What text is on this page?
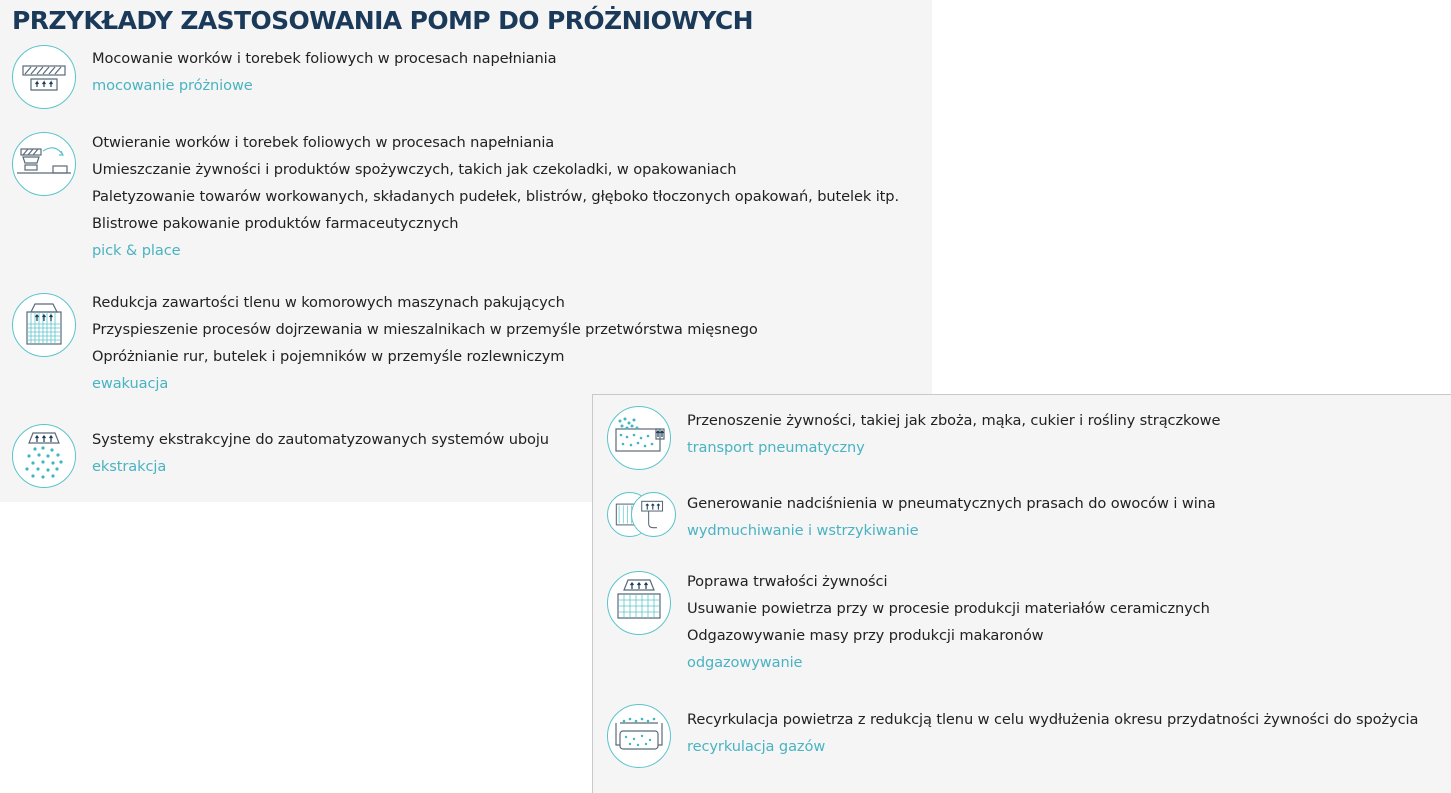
PRZYKŁADY ZASTOSOWANIA POMP DO PRÓŻNIOWYCH
Mocowanie worków i torebek foliowych w procesach napełniania
mocowanie próżniowe
Otwieranie worków i torebek foliowych w procesach napełniania
Umieszczanie żywności i produktów spożywczych, takich jak czekoladki, w opakowaniach
Paletyzowanie towarów workowanych, składanych pudełek, blistrów, głęboko tłoczonych opakowań, butelek itp.
Blistrowe pakowanie produktów farmaceutycznych
pick & place
Redukcja zawartości tlenu w komorowych maszynach pakujących
Przyspieszenie procesów dojrzewania w mieszalnikach w przemyśle przetwórstwa mięsnego
Opróżnianie rur, butelek i pojemników w przemyśle rozlewniczym
ewakuacja
Systemy ekstrakcyjne do zautomatyzowanych systemów uboju
ekstrakcja
Przenoszenie żywności, takiej jak zboża, mąka, cukier i rośliny strączkowe
transport pneumatyczny
Generowanie nadciśnienia w pneumatycznych prasach do owoców i wina
wydmuchiwanie i wstrzykiwanie
Poprawa trwałości żywności
Usuwanie powietrza przy w procesie produkcji materiałów ceramicznych
Odgazowywanie masy przy produkcji makaronów
odgazowywanie
Recyrkulacja powietrza z redukcją tlenu w celu wydłużenia okresu przydatności żywności do spożycia
recyrkulacja gazów
